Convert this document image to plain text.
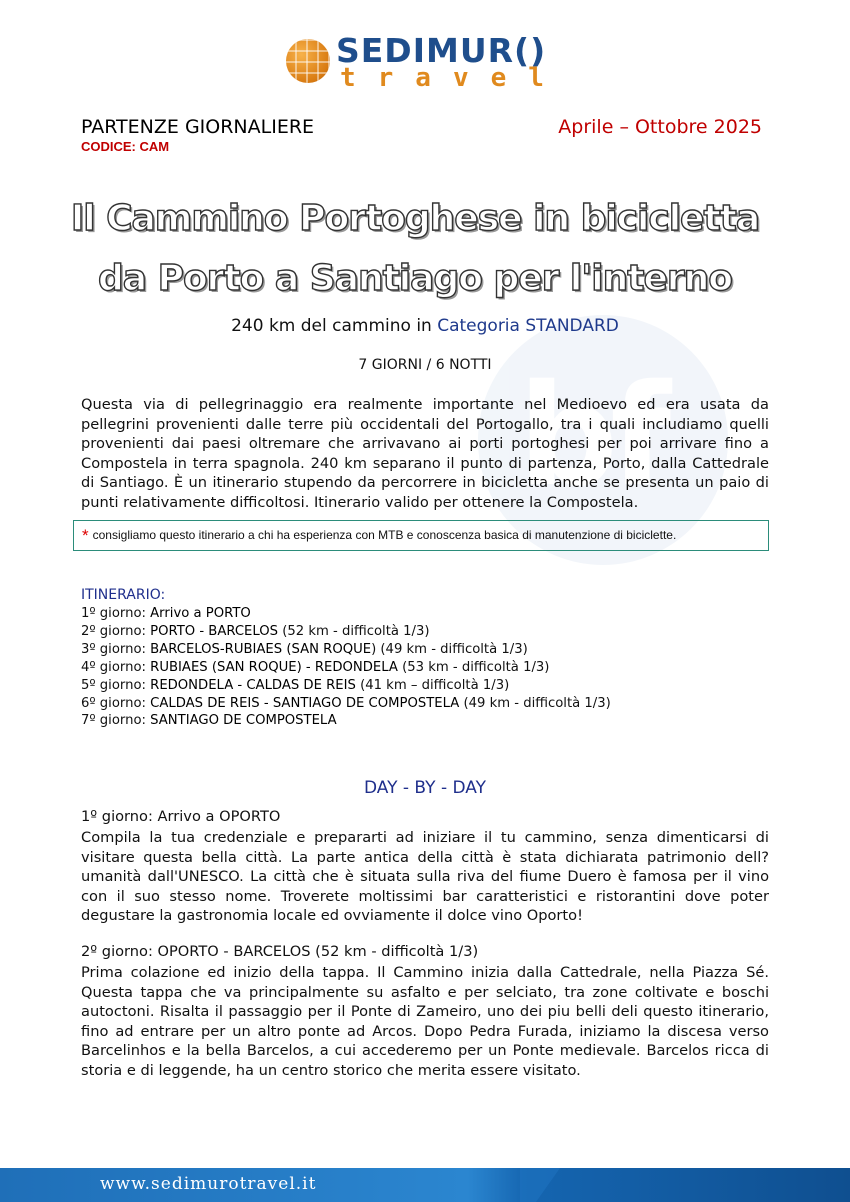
bf
SEDIMUR()
travel
PARTENZE GIORNALIERE
CODICE: CAM
Aprile – Ottobre 2025
Il Cammino Portoghese in bicicletta
da Porto a Santiago per l'interno
240 km del cammino in Categoria STANDARD
7 GIORNI / 6 NOTTI
Questa via di pellegrinaggio era realmente importante nel Medioevo ed era usata da pellegrini provenienti dalle terre più occidentali del Portogallo, tra i quali includiamo quelli provenienti dai paesi oltremare che arrivavano ai porti portoghesi per poi arrivare fino a Compostela in terra spagnola. 240 km separano il punto di partenza, Porto, dalla Cattedrale di Santiago. È un itinerario stupendo da percorrere in bicicletta anche se presenta un paio di punti relativamente difficoltosi. Itinerario valido per ottenere la Compostela.
* consigliamo questo itinerario a chi ha esperienza con MTB e conoscenza basica di manutenzione di biciclette.
ITINERARIO:
1º giorno: Arrivo a PORTO
2º giorno: PORTO - BARCELOS (52 km - difficoltà 1/3)
3º giorno: BARCELOS-RUBIAES (SAN ROQUE) (49 km - difficoltà 1/3)
4º giorno: RUBIAES (SAN ROQUE) - REDONDELA (53 km - difficoltà 1/3)
5º giorno: REDONDELA - CALDAS DE REIS (41 km – difficoltà 1/3)
6º giorno: CALDAS DE REIS - SANTIAGO DE COMPOSTELA (49 km - difficoltà 1/3)
7º giorno: SANTIAGO DE COMPOSTELA
DAY - BY - DAY
1º giorno: Arrivo a OPORTO
Compila la tua credenziale e prepararti ad iniziare il tu cammino, senza dimenticarsi di visitare questa bella città. La parte antica della città è stata dichiarata patrimonio dell?umanità dall'UNESCO. La città che è situata sulla riva del fiume Duero è famosa per il vino con il suo stesso nome. Troverete moltissimi bar caratteristici e ristorantini dove poter degustare la gastronomia locale ed ovviamente il dolce vino Oporto!
2º giorno: OPORTO - BARCELOS (52 km - difficoltà 1/3)
Prima colazione ed inizio della tappa. Il Cammino inizia dalla Cattedrale, nella Piazza Sé. Questa tappa che va principalmente su asfalto e per selciato, tra zone coltivate e boschi autoctoni. Risalta il passaggio per il Ponte di Zameiro, uno dei piu belli deli questo itinerario, fino ad entrare per un altro ponte ad Arcos. Dopo Pedra Furada, iniziamo la discesa verso Barcelinhos e la bella Barcelos, a cui accederemo per un Ponte medievale. Barcelos ricca di storia e di leggende, ha un centro storico che merita essere visitato.
www.sedimurotravel.it
